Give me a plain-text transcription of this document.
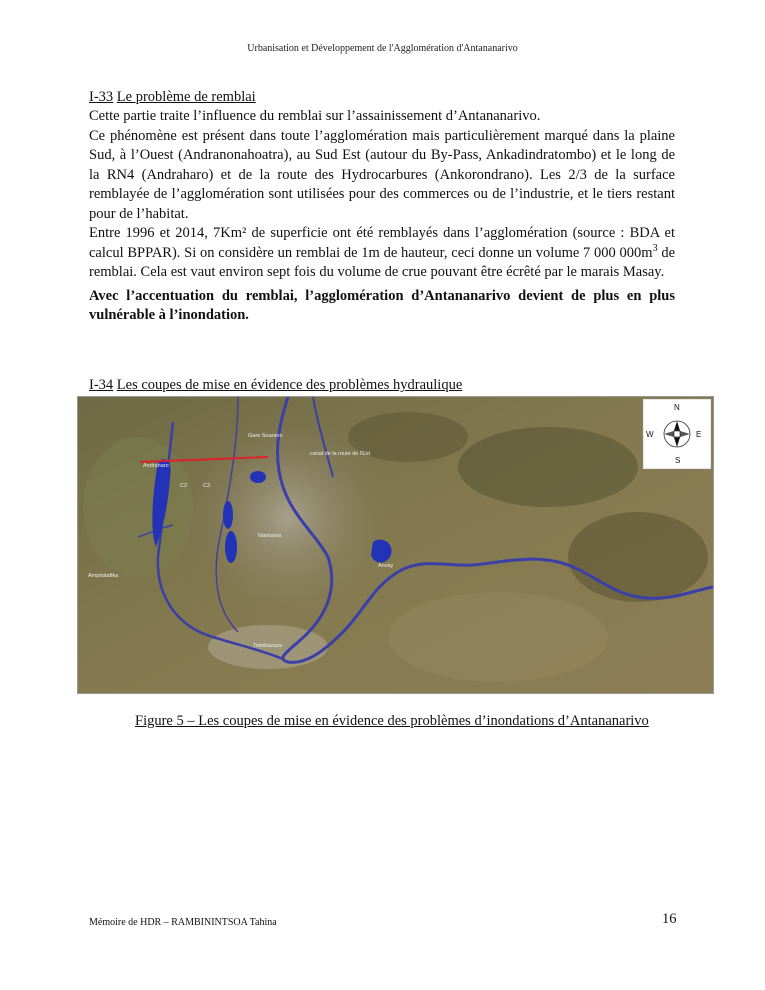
Urbanisation et Développement de l'Agglomération d'Antananarivo

I-33 Le problème de remblai

Cette partie traite l’influence du remblai sur l’assainissement d’Antananarivo.

Ce phénomène est présent dans toute l’agglomération mais particulièrement marqué dans la plaine Sud, à l’Ouest (Andranonahoatra), au Sud Est (autour du By-Pass, Ankadindratombo) et le long de la RN4 (Andraharo) et de la route des Hydrocarbures (Ankorondrano). Les 2/3 de la surface remblayée de l’agglomération sont utilisées pour des commerces ou de l’industrie, et le tiers restant pour de l’habitat.

Entre 1996 et 2014, 7Km² de superficie ont été remblayés dans l’agglomération (source : BDA et calcul BPPAR). Si on considère un remblai de 1m de hauteur, ceci donne un volume 7 000 $000m^3$ de remblai. Cela est vaut environ sept fois du volume de crue pouvant être écrêté par le marais Masay.

Avec l’accentuation du remblai, l’agglomération d’Antananarivo devient de plus en plus vulnérable à l’inondation.

I-34 Les coupes de mise en évidence des problèmes hydraulique

Gare Soarano
Andraharo
canal de la route de l'Est
C2	C3
Nanisana
Anosy
Ampitatafika
Tsimbazaza
N
S
E
W
Figure 5 – Les coupes de mise en évidence des problèmes d’inondations d’Antananarivo
Mémoire de HDR – RAMBININTSOA Tahina	16
